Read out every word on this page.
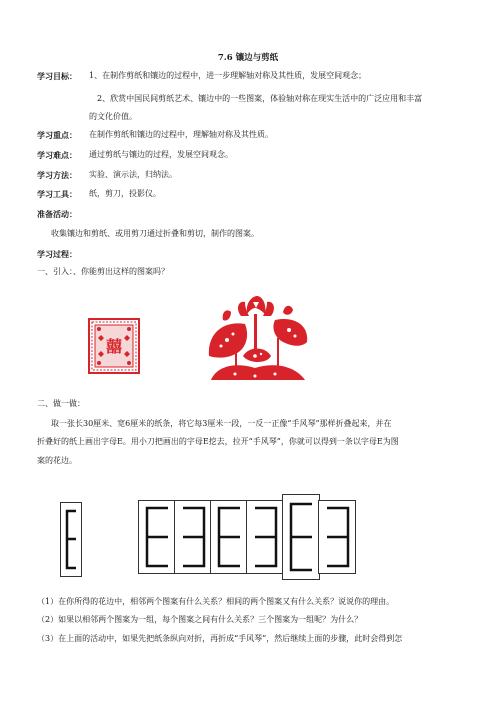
7.6 镶边与剪纸
学习目标： 1、在制作剪纸和镶边的过程中，进一步理解轴对称及其性质，发展空间观念；
2、欣赏中国民间剪纸艺术、镶边中的一些图案，体验轴对称在现实生活中的广泛应用和丰富
的文化价值。
学习重点： 在制作剪纸和镶边的过程中，理解轴对称及其性质。
学习难点： 通过剪纸与镶边的过程，发展空间观念。
学习方法： 实验、演示法，归纳法。
学习工具： 纸，剪刀，投影仪。
准备活动：
收集镶边和剪纸、或用剪刀通过折叠和剪切，制作的图案。
学习过程：
一、引入：、你能剪出这样的图案吗？
囍
二、做一做：
取一张长30厘米、宽6厘米的纸条，将它每3厘米一段，一反一正像“手风琴”那样折叠起来，并在
折叠好的纸上画出字母E。用小刀把画出的字母E挖去，拉开“手风琴”，你就可以得到一条以字母E为图
案的花边。
（1）在你所得的花边中，相邻两个图案有什么关系？相间的两个图案又有什么关系？说说你的理由。
（2）如果以相邻两个图案为一组，每个图案之间有什么关系？三个图案为一组呢？为什么？
（3）在上面的活动中，如果先把纸条纵向对折，再折成“手风琴”，然后继续上面的步骤，此时会得到怎
